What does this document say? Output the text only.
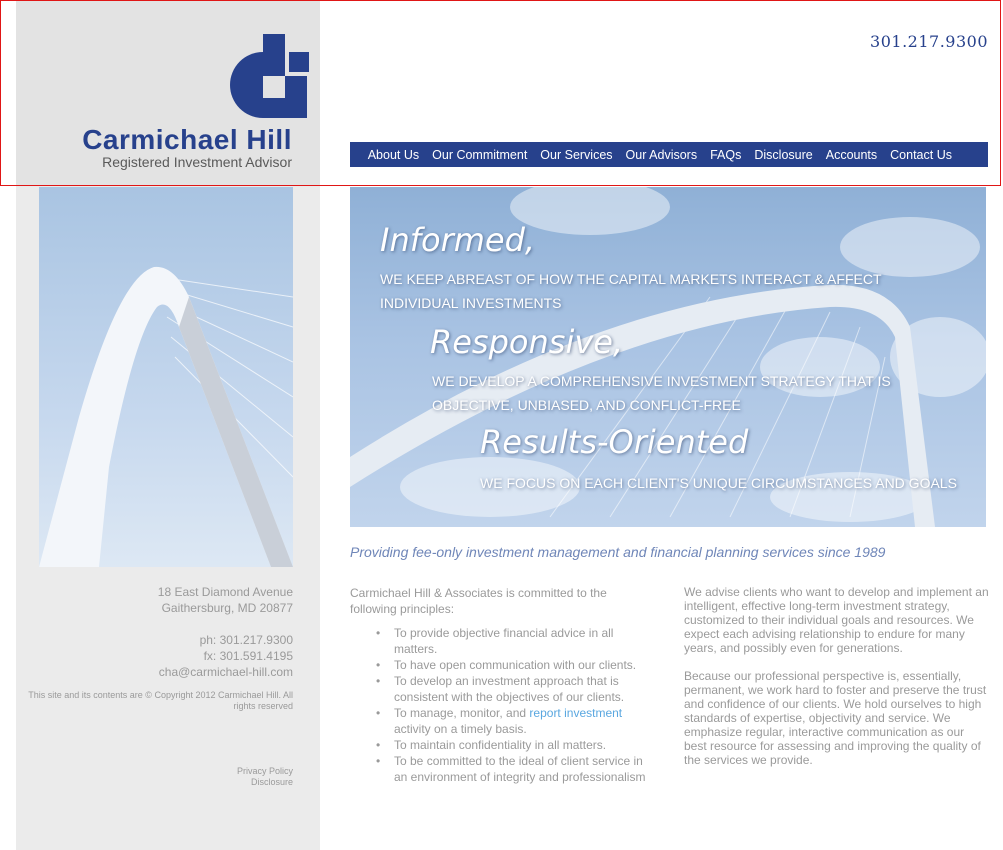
Carmichael Hill
Registered Investment Advisor
301.217.9300
About Us Our Commitment Our Services Our Advisors FAQs Disclosure Accounts Contact Us
18 East Diamond Avenue
Gaithersburg, MD 20877
ph: 301.217.9300
fx: 301.591.4195
cha@carmichael-hill.com
This site and its contents are © Copyright 2012 Carmichael Hill. All rights reserved
Privacy Policy
Disclosure
Informed,
WE KEEP ABREAST OF HOW THE CAPITAL MARKETS INTERACT & AFFECT
INDIVIDUAL INVESTMENTS
Responsive,
WE DEVELOP A COMPREHENSIVE INVESTMENT STRATEGY THAT IS
OBJECTIVE, UNBIASED, AND CONFLICT-FREE
Results-Oriented
WE FOCUS ON EACH CLIENT'S UNIQUE CIRCUMSTANCES AND GOALS
Providing fee-only investment management and financial planning services since 1989
Carmichael Hill & Associates is committed to the following principles:
• To provide objective financial advice in all matters.
• To have open communication with our clients.
• To develop an investment approach that is consistent with the objectives of our clients.
• To manage, monitor, and report investment activity on a timely basis.
• To maintain confidentiality in all matters.
• To be committed to the ideal of client service in an environment of integrity and professionalism

We advise clients who want to develop and implement an intelligent, effective long-term investment strategy, customized to their individual goals and resources. We expect each advising relationship to endure for many years, and possibly even for generations.

Because our professional perspective is, essentially, permanent, we work hard to foster and preserve the trust and confidence of our clients. We hold ourselves to high standards of expertise, objectivity and service. We emphasize regular, interactive communication as our best resource for assessing and improving the quality of the services we provide.
